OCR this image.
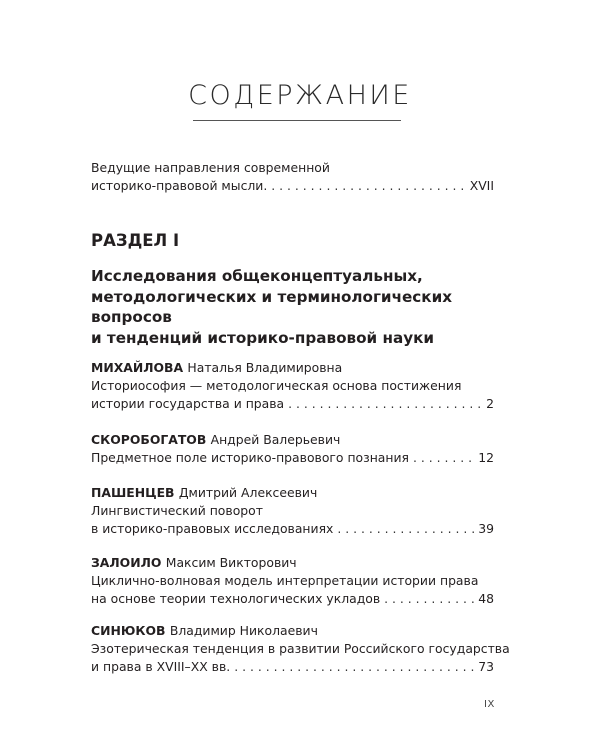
СОДЕРЖАНИЕ
Ведущие направления современной
историко-правовой мысли. . . .	XVII
РАЗДЕЛ I
Исследования общеконцептуальных,
методологических и терминологических вопросов
и тенденций историко-правовой науки
МИХАЙЛОВА Наталья Владимировна
Историософия — методологическая основа постижения
истории государства и права . . .	2
СКОРОБОГАТОВ Андрей Валерьевич
Предметное поле историко-правового познания . . .	12
ПАШЕНЦЕВ Дмитрий Алексеевич
Лингвистический поворот
в историко-правовых исследованиях . . .	39
ЗАЛОИЛО Максим Викторович
Циклично-волновая модель интерпретации истории права
на основе теории технологических укладов . . .	48
СИНЮКОВ Владимир Николаевич
Эзотерическая тенденция в развитии Российского государства
и права в XVIII–XX вв. . . .	73
IX
